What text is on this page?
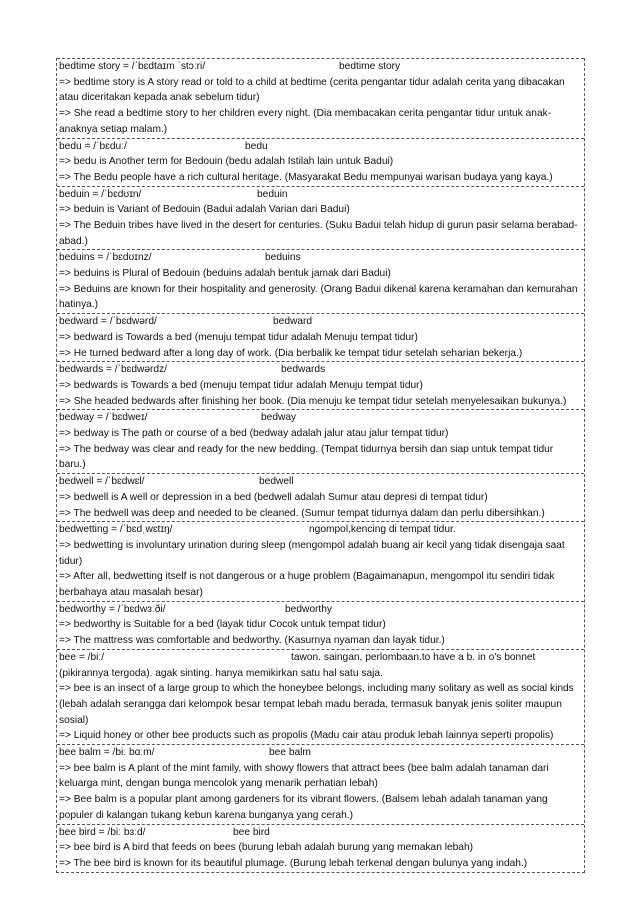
bedtime story = /ˈbɛdtaɪm ˈstɔːri/	bedtime story
=> bedtime story is A story read or told to a child at bedtime (cerita pengantar tidur adalah cerita yang dibacakan atau diceritakan kepada anak sebelum tidur)
=> She read a bedtime story to her children every night. (Dia membacakan cerita pengantar tidur untuk anak-anaknya setiap malam.)
bedu = /ˈbɛduː/	bedu
=> bedu is Another term for Bedouin (bedu adalah Istilah lain untuk Badui)
=> The Bedu people have a rich cultural heritage. (Masyarakat Bedu mempunyai warisan budaya yang kaya.)
beduin = /ˈbɛdʊɪn/	beduin
=> beduin is Variant of Bedouin (Badui adalah Varian dari Badui)
=> The Beduin tribes have lived in the desert for centuries. (Suku Badui telah hidup di gurun pasir selama berabad-abad.)
beduins = /ˈbɛdʊɪnz/	beduins
=> beduins is Plural of Bedouin (beduins adalah bentuk jamak dari Badui)
=> Beduins are known for their hospitality and generosity. (Orang Badui dikenal karena keramahan dan kemurahan hatinya.)
bedward = /ˈbɛdwərd/	bedward
=> bedward is Towards a bed (menuju tempat tidur adalah Menuju tempat tidur)
=> He turned bedward after a long day of work. (Dia berbalik ke tempat tidur setelah seharian bekerja.)
bedwards = /ˈbɛdwərdz/	bedwards
=> bedwards is Towards a bed (menuju tempat tidur adalah Menuju tempat tidur)
=> She headed bedwards after finishing her book. (Dia menuju ke tempat tidur setelah menyelesaikan bukunya.)
bedway = /ˈbɛdweɪ/	bedway
=> bedway is The path or course of a bed (bedway adalah jalur atau jalur tempat tidur)
=> The bedway was clear and ready for the new bedding. (Tempat tidurnya bersih dan siap untuk tempat tidur baru.)
bedwell = /ˈbɛdwɛl/	bedwell
=> bedwell is A well or depression in a bed (bedwell adalah Sumur atau depresi di tempat tidur)
=> The bedwell was deep and needed to be cleaned. (Sumur tempat tidurnya dalam dan perlu dibersihkan.)
bedwetting = /ˈbɛdˌwɛtɪŋ/	ngompol,kencing di tempat tidur.
=> bedwetting is involuntary urination during sleep (mengompol adalah buang air kecil yang tidak disengaja saat tidur)
=> After all, bedwetting itself is not dangerous or a huge problem (Bagaimanapun, mengompol itu sendiri tidak berbahaya atau masalah besar)
bedworthy = /ˈbɛdwɜːði/	bedworthy
=> bedworthy is Suitable for a bed (layak tidur Cocok untuk tempat tidur)
=> The mattress was comfortable and bedworthy. (Kasurnya nyaman dan layak tidur.)
bee = /biː/	tawon. saingan, perlombaan.to have a b. in o's bonnet (pikirannya tergoda). agak sinting. hanya memikirkan satu hal satu saja.
=> bee is an insect of a large group to which the honeybee belongs, including many solitary as well as social kinds (lebah adalah serangga dari kelompok besar tempat lebah madu berada, termasuk banyak jenis soliter maupun sosial)
=> Liquid honey or other bee products such as propolis (Madu cair atau produk lebah lainnya seperti propolis)
bee balm = /biː bɑːm/	bee balm
=> bee balm is A plant of the mint family, with showy flowers that attract bees (bee balm adalah tanaman dari keluarga mint, dengan bunga mencolok yang menarik perhatian lebah)
=> Bee balm is a popular plant among gardeners for its vibrant flowers. (Balsem lebah adalah tanaman yang populer di kalangan tukang kebun karena bunganya yang cerah.)
bee bird = /biː bɜːd/	bee bird
=> bee bird is A bird that feeds on bees (burung lebah adalah burung yang memakan lebah)
=> The bee bird is known for its beautiful plumage. (Burung lebah terkenal dengan bulunya yang indah.)
